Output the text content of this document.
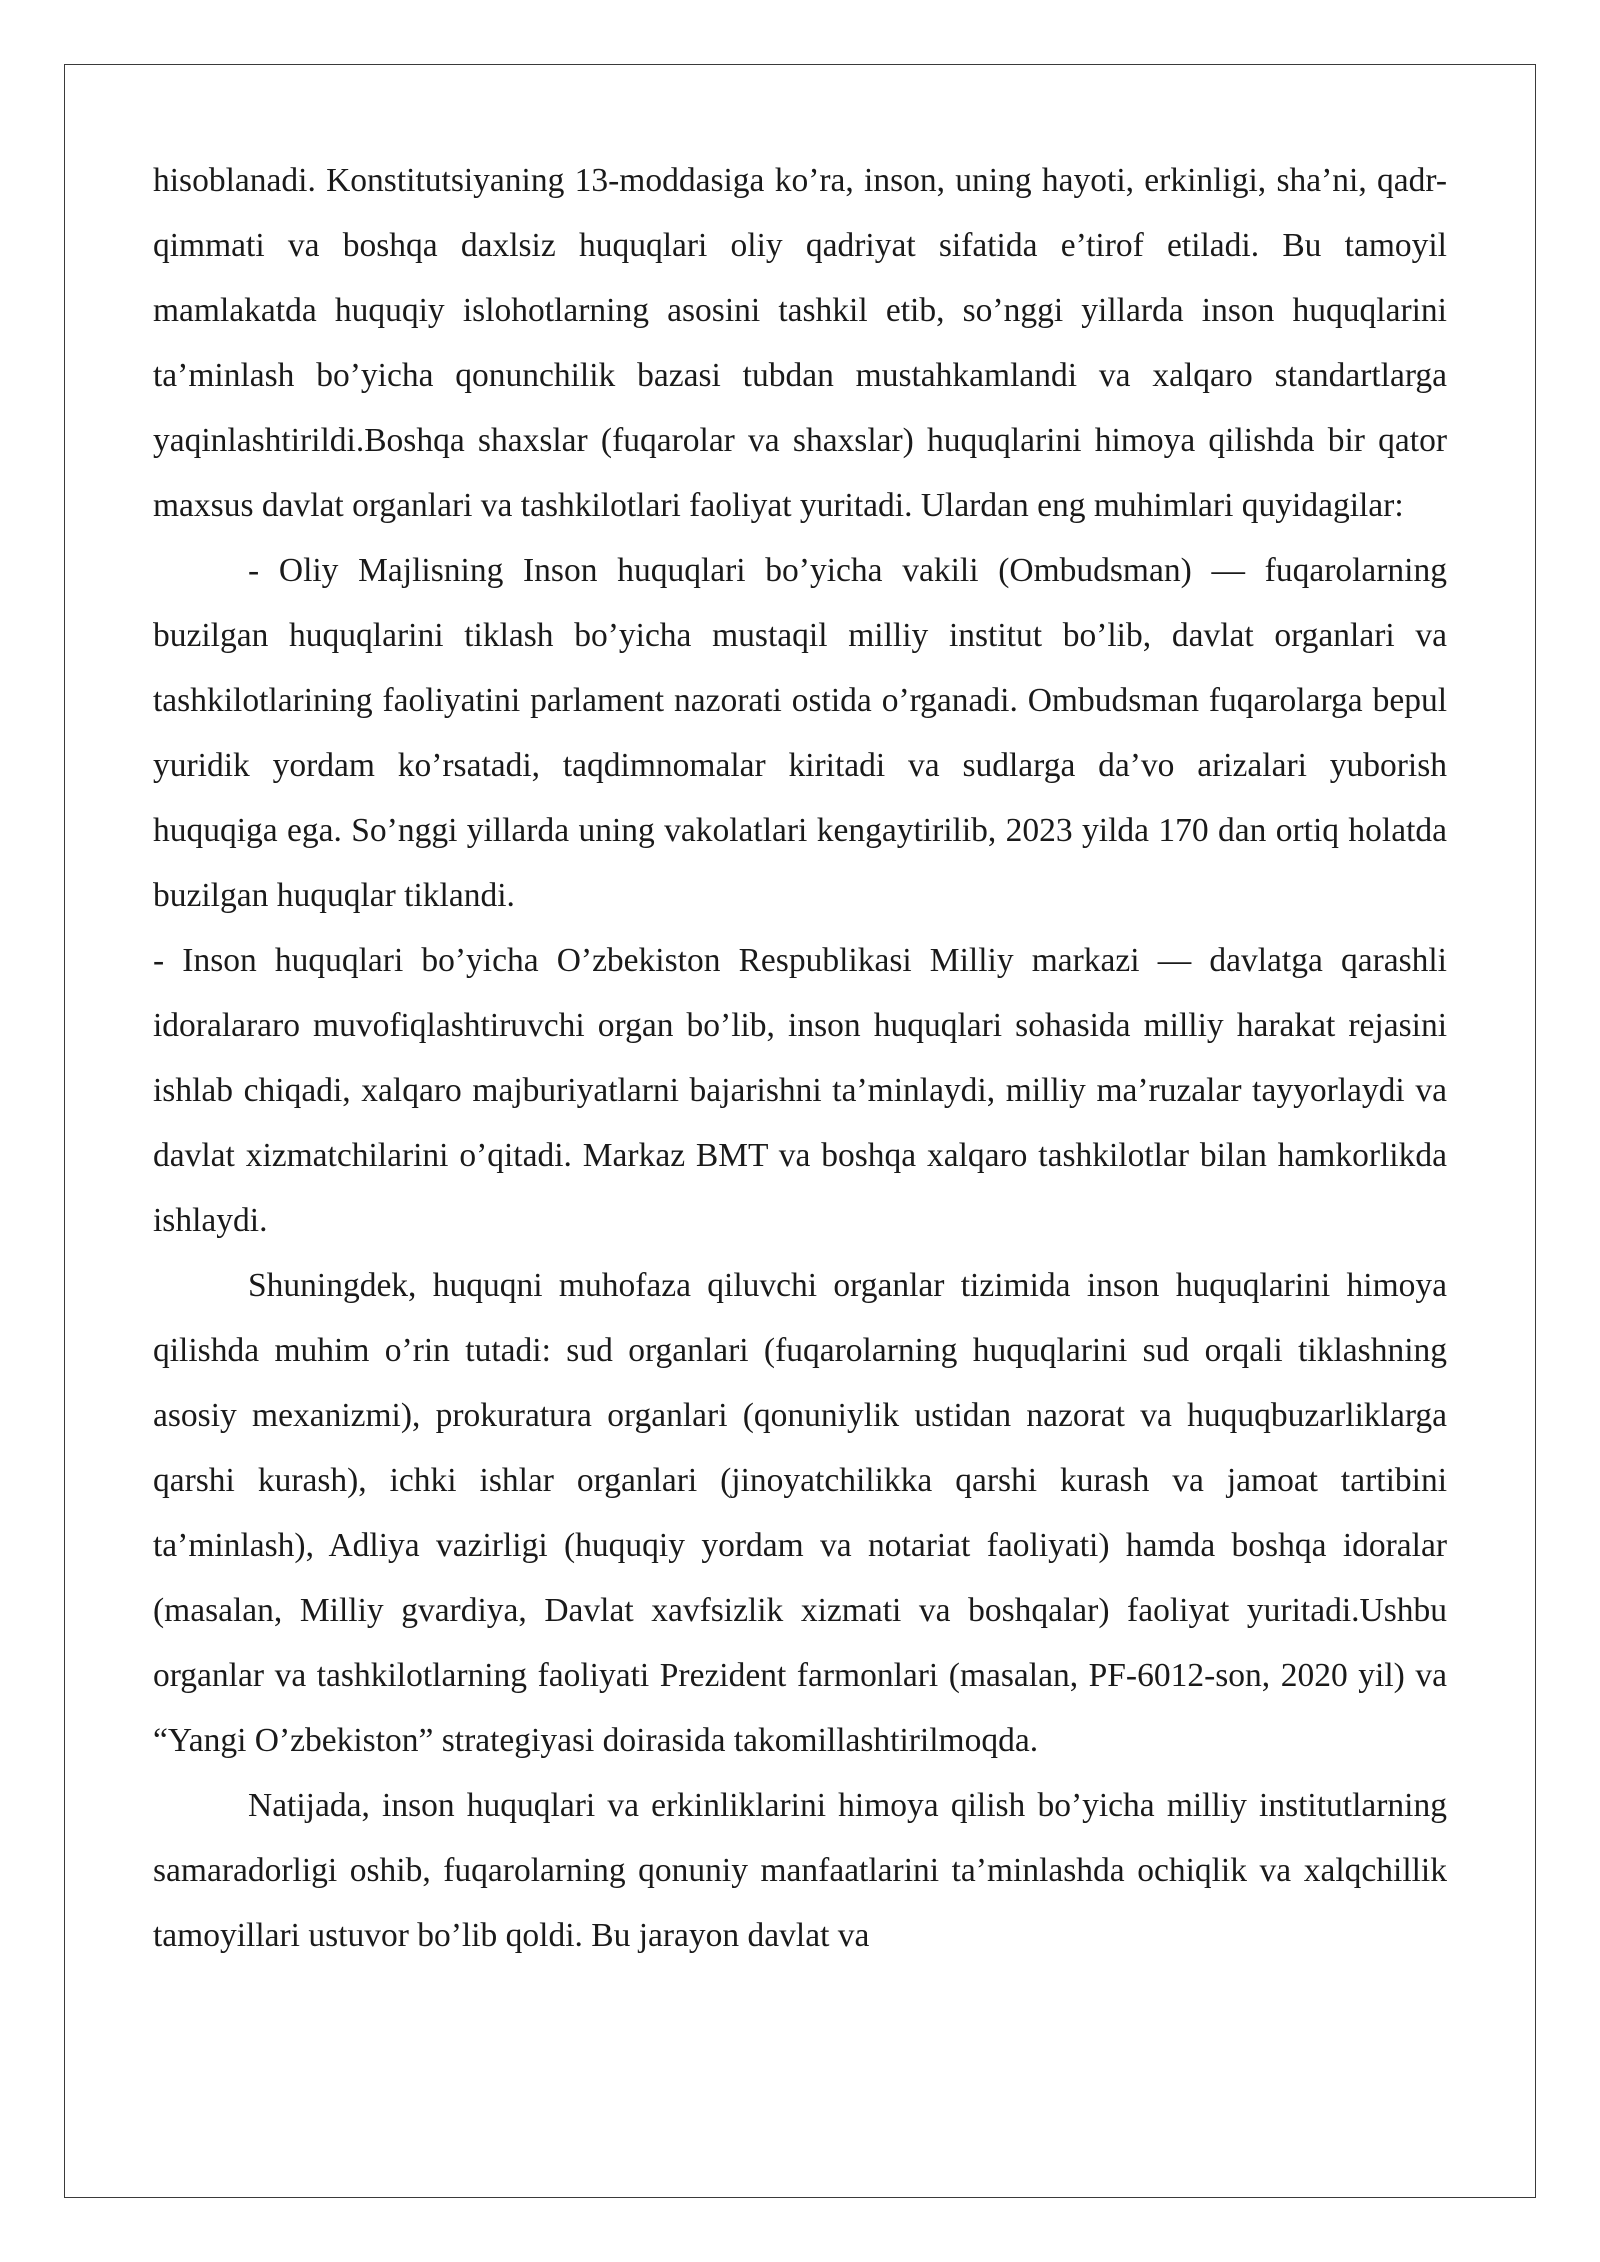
hisoblanadi. Konstitutsiyaning 13-moddasiga ko’ra, inson, uning hayoti, erkinligi, sha’ni, qadr-qimmati va boshqa daxlsiz huquqlari oliy qadriyat sifatida e’tirof etiladi. Bu tamoyil mamlakatda huquqiy islohotlarning asosini tashkil etib, so’nggi yillarda inson huquqlarini ta’minlash bo’yicha qonunchilik bazasi tubdan mustahkamlandi va xalqaro standartlarga yaqinlashtirildi.Boshqa shaxslar (fuqarolar va shaxslar) huquqlarini himoya qilishda bir qator maxsus davlat organlari va tashkilotlari faoliyat yuritadi. Ulardan eng muhimlari quyidagilar:

- Oliy Majlisning Inson huquqlari bo’yicha vakili (Ombudsman) — fuqarolarning buzilgan huquqlarini tiklash bo’yicha mustaqil milliy institut bo’lib, davlat organlari va tashkilotlarining faoliyatini parlament nazorati ostida o’rganadi. Ombudsman fuqarolarga bepul yuridik yordam ko’rsatadi, taqdimnomalar kiritadi va sudlarga da’vo arizalari yuborish huquqiga ega. So’nggi yillarda uning vakolatlari kengaytirilib, 2023 yilda 170 dan ortiq holatda buzilgan huquqlar tiklandi.

- Inson huquqlari bo’yicha O’zbekiston Respublikasi Milliy markazi — davlatga qarashli idoralararo muvofiqlashtiruvchi organ bo’lib, inson huquqlari sohasida milliy harakat rejasini ishlab chiqadi, xalqaro majburiyatlarni bajarishni ta’minlaydi, milliy ma’ruzalar tayyorlaydi va davlat xizmatchilarini o’qitadi. Markaz BMT va boshqa xalqaro tashkilotlar bilan hamkorlikda ishlaydi.

Shuningdek, huquqni muhofaza qiluvchi organlar tizimida inson huquqlarini himoya qilishda muhim o’rin tutadi: sud organlari (fuqarolarning huquqlarini sud orqali tiklashning asosiy mexanizmi), prokuratura organlari (qonuniylik ustidan nazorat va huquqbuzarliklarga qarshi kurash), ichki ishlar organlari (jinoyatchilikka qarshi kurash va jamoat tartibini ta’minlash), Adliya vazirligi (huquqiy yordam va notariat faoliyati) hamda boshqa idoralar (masalan, Milliy gvardiya, Davlat xavfsizlik xizmati va boshqalar) faoliyat yuritadi.Ushbu organlar va tashkilotlarning faoliyati Prezident farmonlari (masalan, PF-6012-son, 2020 yil) va “Yangi O’zbekiston” strategiyasi doirasida takomillashtirilmoqda.

Natijada, inson huquqlari va erkinliklarini himoya qilish bo’yicha milliy institutlarning samaradorligi oshib, fuqarolarning qonuniy manfaatlarini ta’minlashda ochiqlik va xalqchillik tamoyillari ustuvor bo’lib qoldi. Bu jarayon davlat va
